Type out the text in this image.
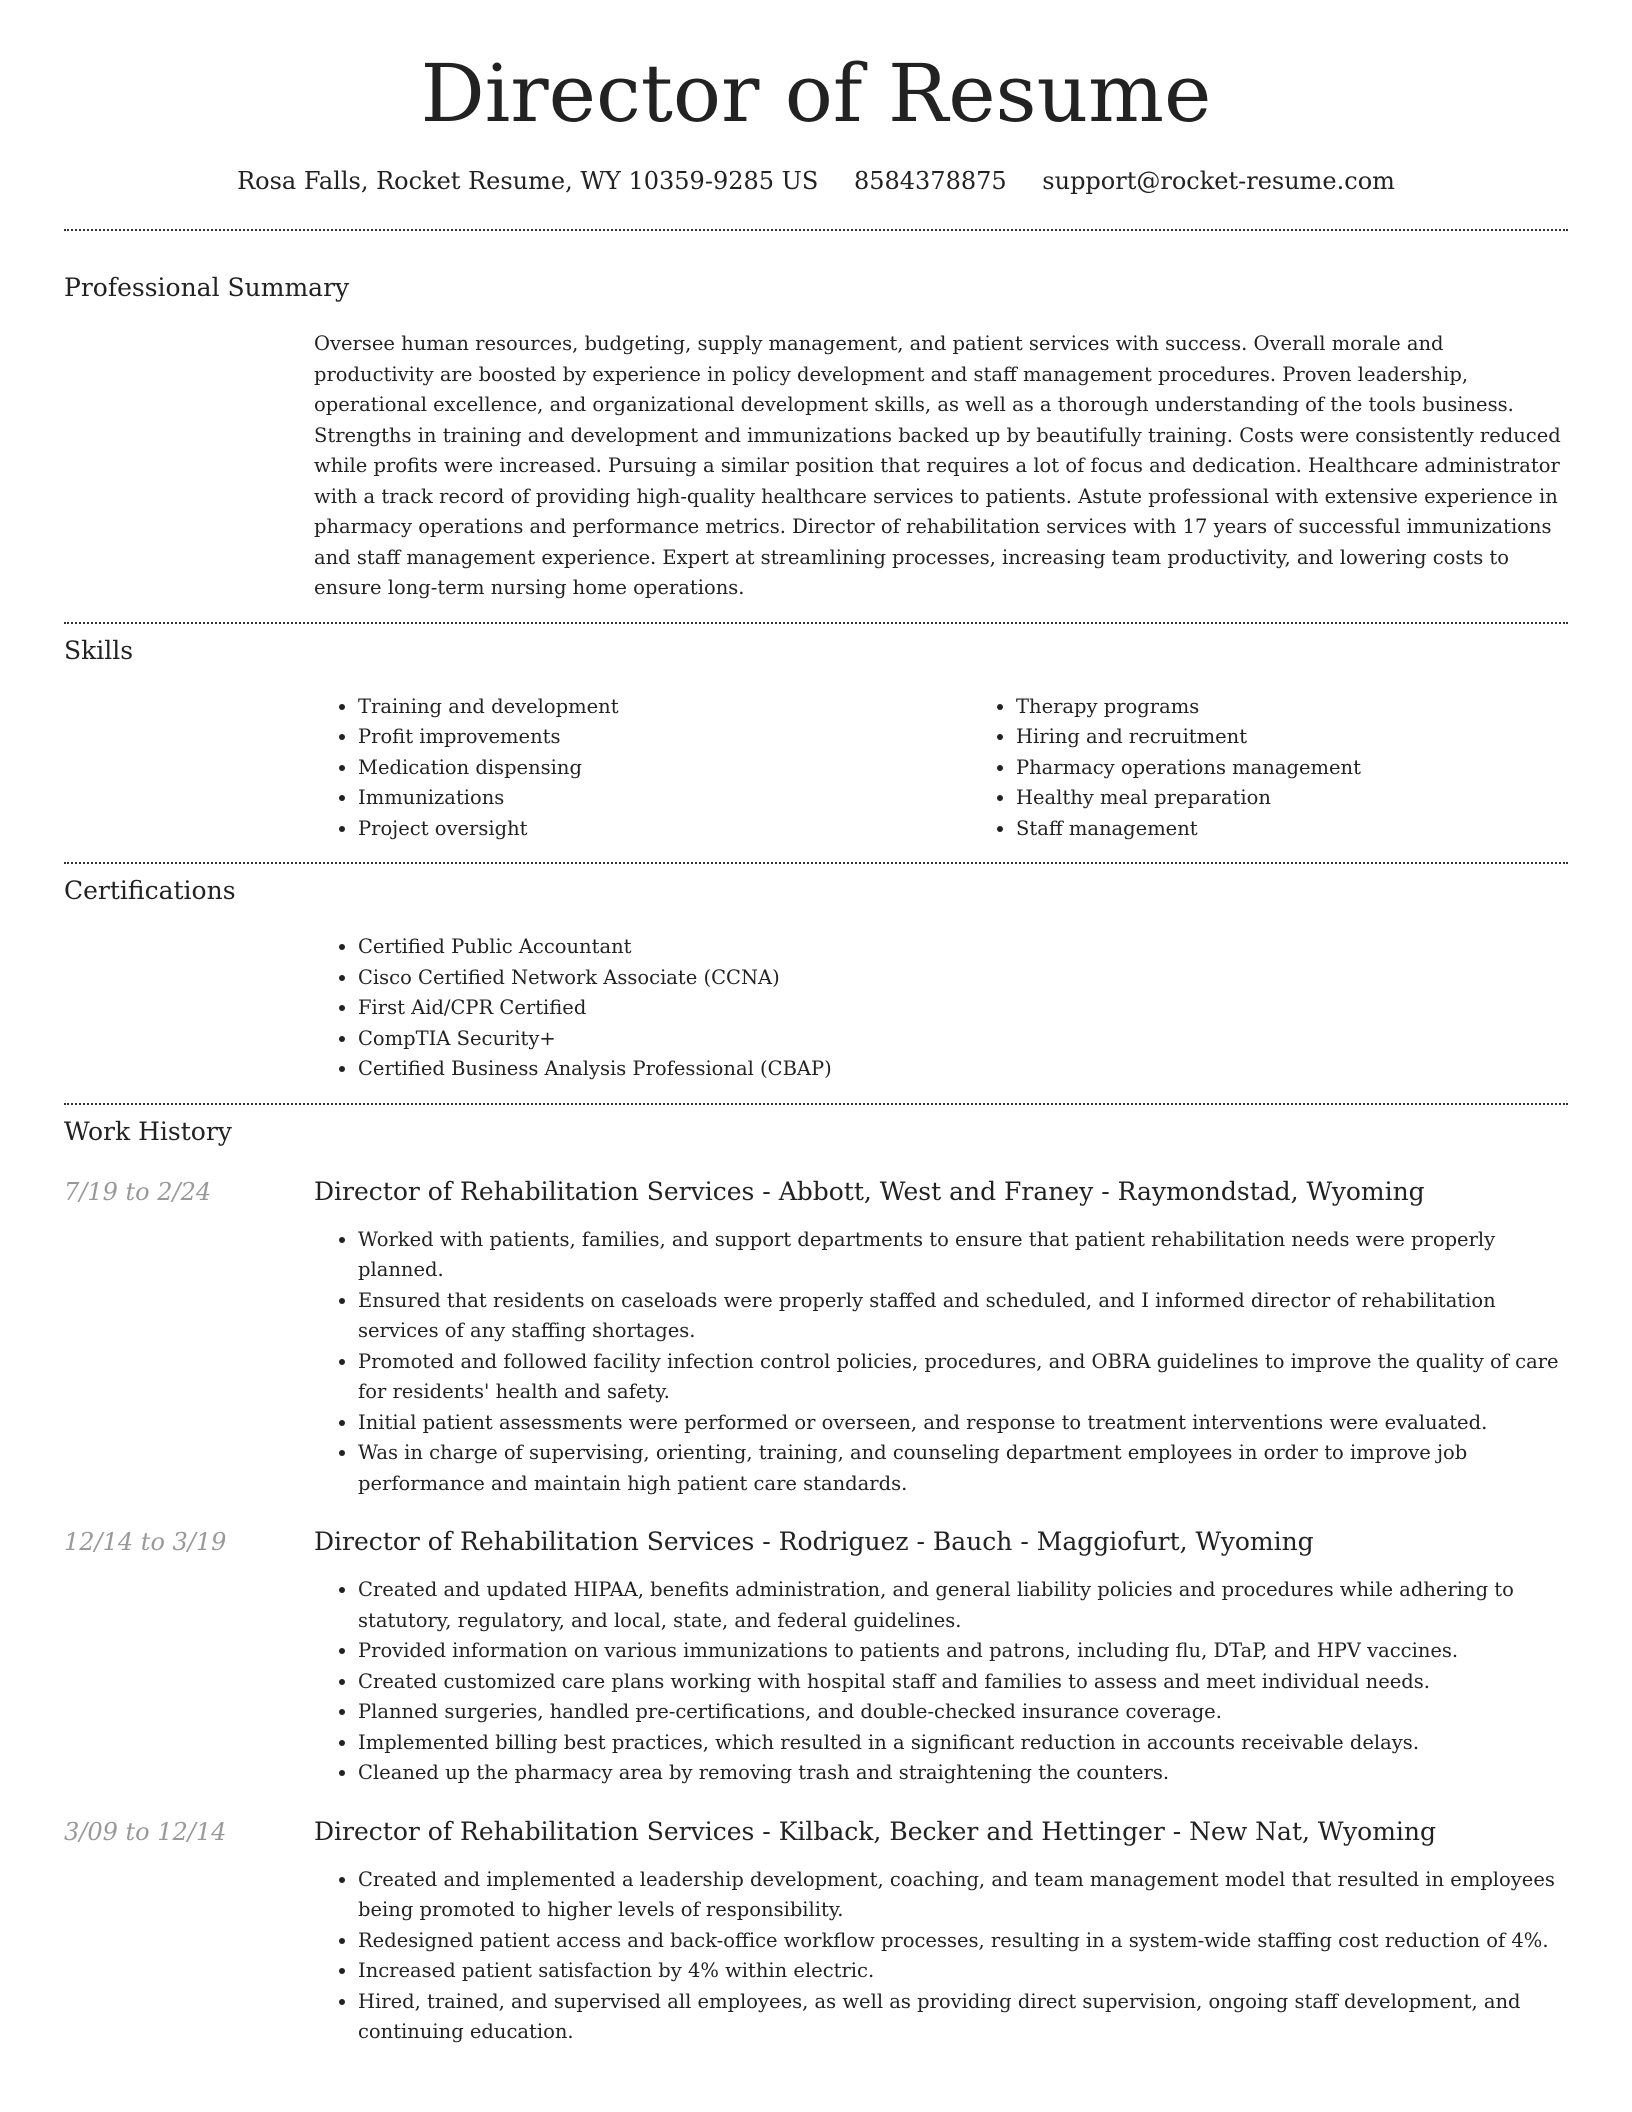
Director of Resume
Rosa Falls, Rocket Resume, WY 10359-9285 US 8584378875 support@rocket-resume.com
Professional Summary

Oversee human resources, budgeting, supply management, and patient services with success. Overall morale and productivity are boosted by experience in policy development and staff management procedures. Proven leadership, operational excellence, and organizational development skills, as well as a thorough understanding of the tools business. Strengths in training and development and immunizations backed up by beautifully training. Costs were consistently reduced while profits were increased. Pursuing a similar position that requires a lot of focus and dedication. Healthcare administrator with a track record of providing high-quality healthcare services to patients. Astute professional with extensive experience in pharmacy operations and performance metrics. Director of rehabilitation services with 17 years of successful immunizations and staff management experience. Expert at streamlining processes, increasing team productivity, and lowering costs to ensure long-term nursing home operations.

Skills
• Training and development
• Profit improvements
• Medication dispensing
• Immunizations
• Project oversight
• Therapy programs
• Hiring and recruitment
• Pharmacy operations management
• Healthy meal preparation
• Staff management
Certifications
• Certified Public Accountant
• Cisco Certified Network Associate (CCNA)
• First Aid/CPR Certified
• CompTIA Security+
• Certified Business Analysis Professional (CBAP)
Work History
7/19 to 2/24	Director of Rehabilitation Services - Abbott, West and Franey - Raymondstad, Wyoming
• Worked with patients, families, and support departments to ensure that patient rehabilitation needs were properly planned.
• Ensured that residents on caseloads were properly staffed and scheduled, and I informed director of rehabilitation services of any staffing shortages.
• Promoted and followed facility infection control policies, procedures, and OBRA guidelines to improve the quality of care for residents' health and safety.
• Initial patient assessments were performed or overseen, and response to treatment interventions were evaluated.
• Was in charge of supervising, orienting, training, and counseling department employees in order to improve job performance and maintain high patient care standards.
12/14 to 3/19	Director of Rehabilitation Services - Rodriguez - Bauch - Maggiofurt, Wyoming
• Created and updated HIPAA, benefits administration, and general liability policies and procedures while adhering to statutory, regulatory, and local, state, and federal guidelines.
• Provided information on various immunizations to patients and patrons, including flu, DTaP, and HPV vaccines.
• Created customized care plans working with hospital staff and families to assess and meet individual needs.
• Planned surgeries, handled pre-certifications, and double-checked insurance coverage.
• Implemented billing best practices, which resulted in a significant reduction in accounts receivable delays.
• Cleaned up the pharmacy area by removing trash and straightening the counters.
3/09 to 12/14	Director of Rehabilitation Services - Kilback, Becker and Hettinger - New Nat, Wyoming
• Created and implemented a leadership development, coaching, and team management model that resulted in employees being promoted to higher levels of responsibility.
• Redesigned patient access and back-office workflow processes, resulting in a system-wide staffing cost reduction of 4%.
• Increased patient satisfaction by 4% within electric.
• Hired, trained, and supervised all employees, as well as providing direct supervision, ongoing staff development, and continuing education.
